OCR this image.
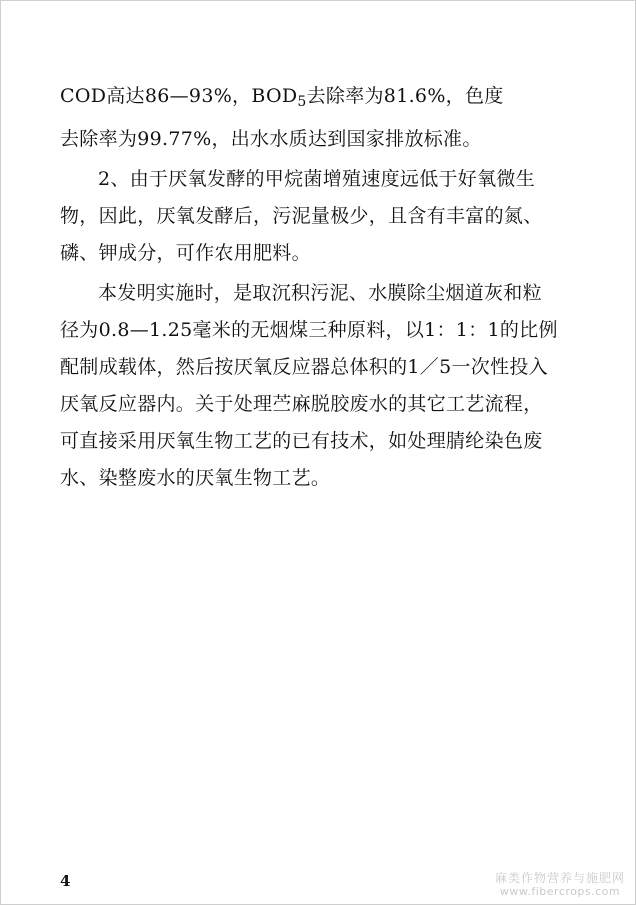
COD高达86—93%，$BOD_5$去除率为81.6%，色度
去除率为99.77%，出水水质达到国家排放标准。

2、由于厌氧发酵的甲烷菌增殖速度远低于好氧微生物，因此，厌氧发酵后，污泥量极少，且含有丰富的氮、磷、钾成分，可作农用肥料。

本发明实施时，是取沉积污泥、水膜除尘烟道灰和粒径为0.8—1.25毫米的无烟煤三种原料，以1：1：1的比例配制成载体，然后按厌氧反应器总体积的1／5一次性投入厌氧反应器内。关于处理苎麻脱胶废水的其它工艺流程，可直接采用厌氧生物工艺的已有技术，如处理腈纶染色废水、染整废水的厌氧生物工艺。

4	麻类作物营养与施肥网
www.fibercrops.com
